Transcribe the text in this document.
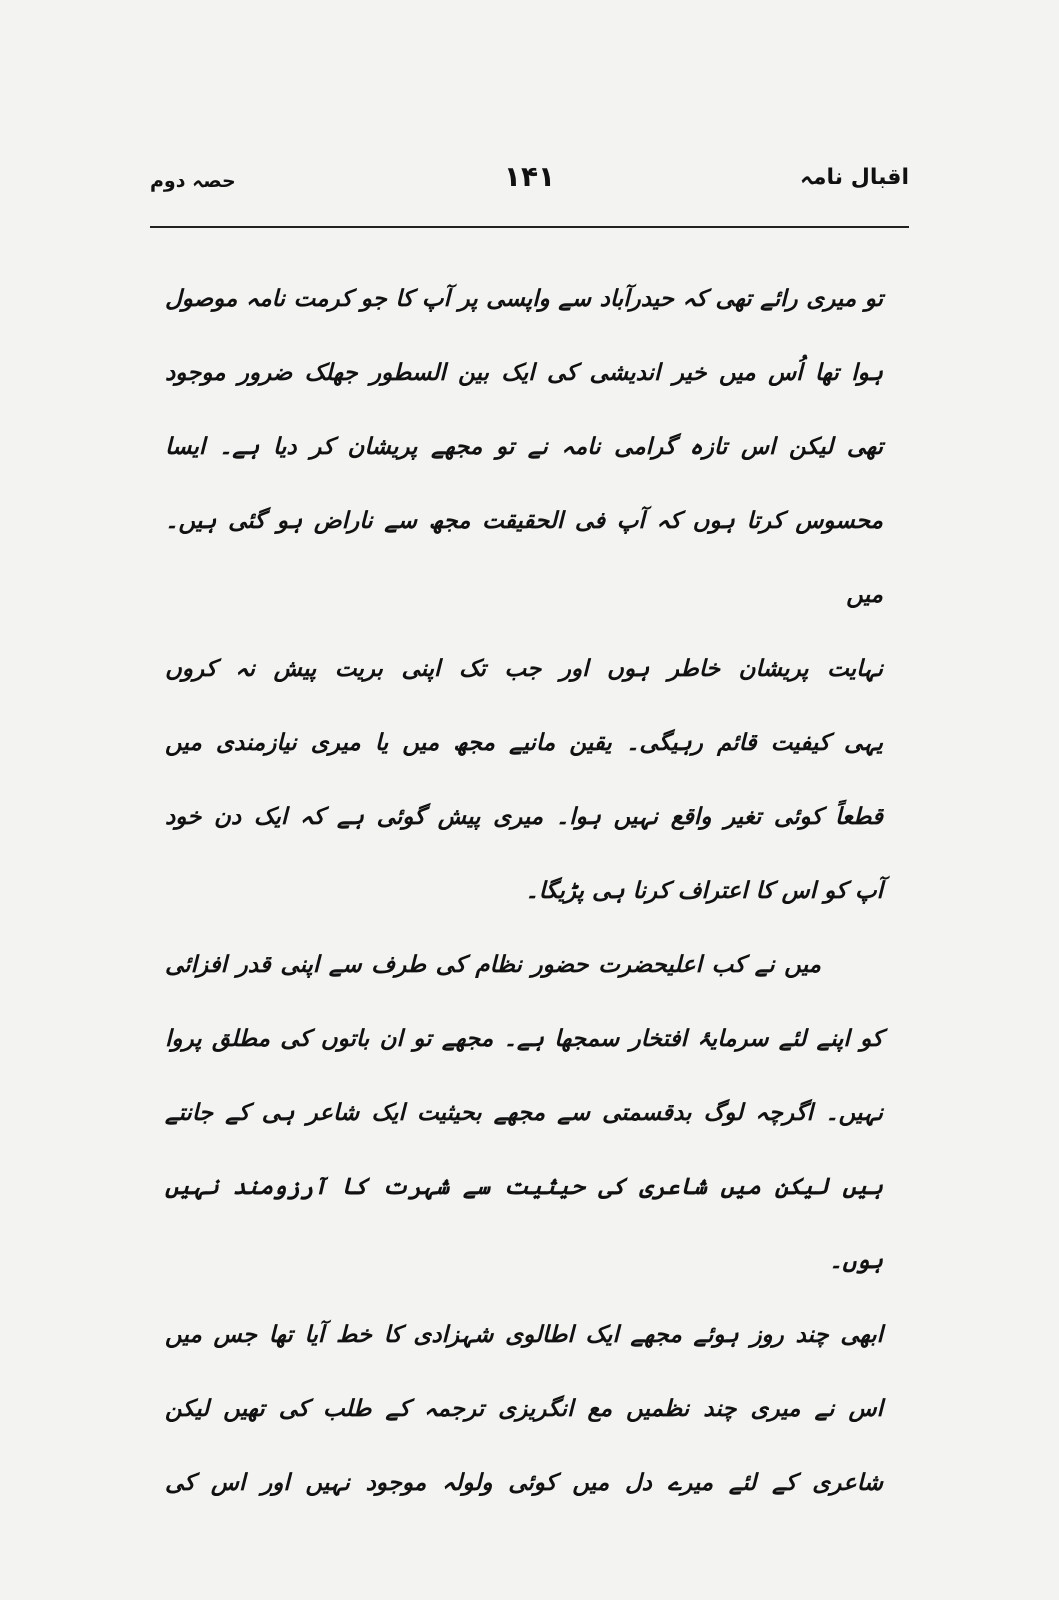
اقبال نامہ
۱۴۱
حصہ دوم
تو میری رائے تھی کہ حیدرآباد سے واپسی پر آپ کا جو کرمت نامہ موصول
ہوا تھا اُس میں خیر اندیشی کی ایک بین السطور جھلک ضرور موجود
تھی لیکن اس تازہ گرامی نامہ نے تو مجھے پریشان کر دیا ہے۔ ایسا
محسوس کرتا ہوں کہ آپ فی الحقیقت مجھ سے ناراض ہو گئی ہیں۔ میں
نہایت پریشان خاطر ہوں اور جب تک اپنی بریت پیش نہ کروں
یہی کیفیت قائم رہیگی۔ یقین مانیے مجھ میں یا میری نیازمندی میں
قطعاً کوئی تغیر واقع نہیں ہوا۔ میری پیش گوئی ہے کہ ایک دن خود
آپ کو اس کا اعتراف کرنا ہی پڑیگا۔
میں نے کب اعلیحضرت حضور نظام کی طرف سے اپنی قدر افزائی
کو اپنے لئے سرمایۂ افتخار سمجھا ہے۔ مجھے تو ان باتوں کی مطلق پروا
نہیں۔ اگرچہ لوگ بدقسمتی سے مجھے بحیثیت ایک شاعر ہی کے جانتے
ہیں لیکن میں شاعری کی حیثیت سے شہرت کا آرزومند نہیں ہوں۔
ابھی چند روز ہوئے مجھے ایک اطالوی شہزادی کا خط آیا تھا جس میں
اس نے میری چند نظمیں مع انگریزی ترجمہ کے طلب کی تھیں لیکن
شاعری کے لئے میرے دل میں کوئی ولولہ موجود نہیں اور اس کی
